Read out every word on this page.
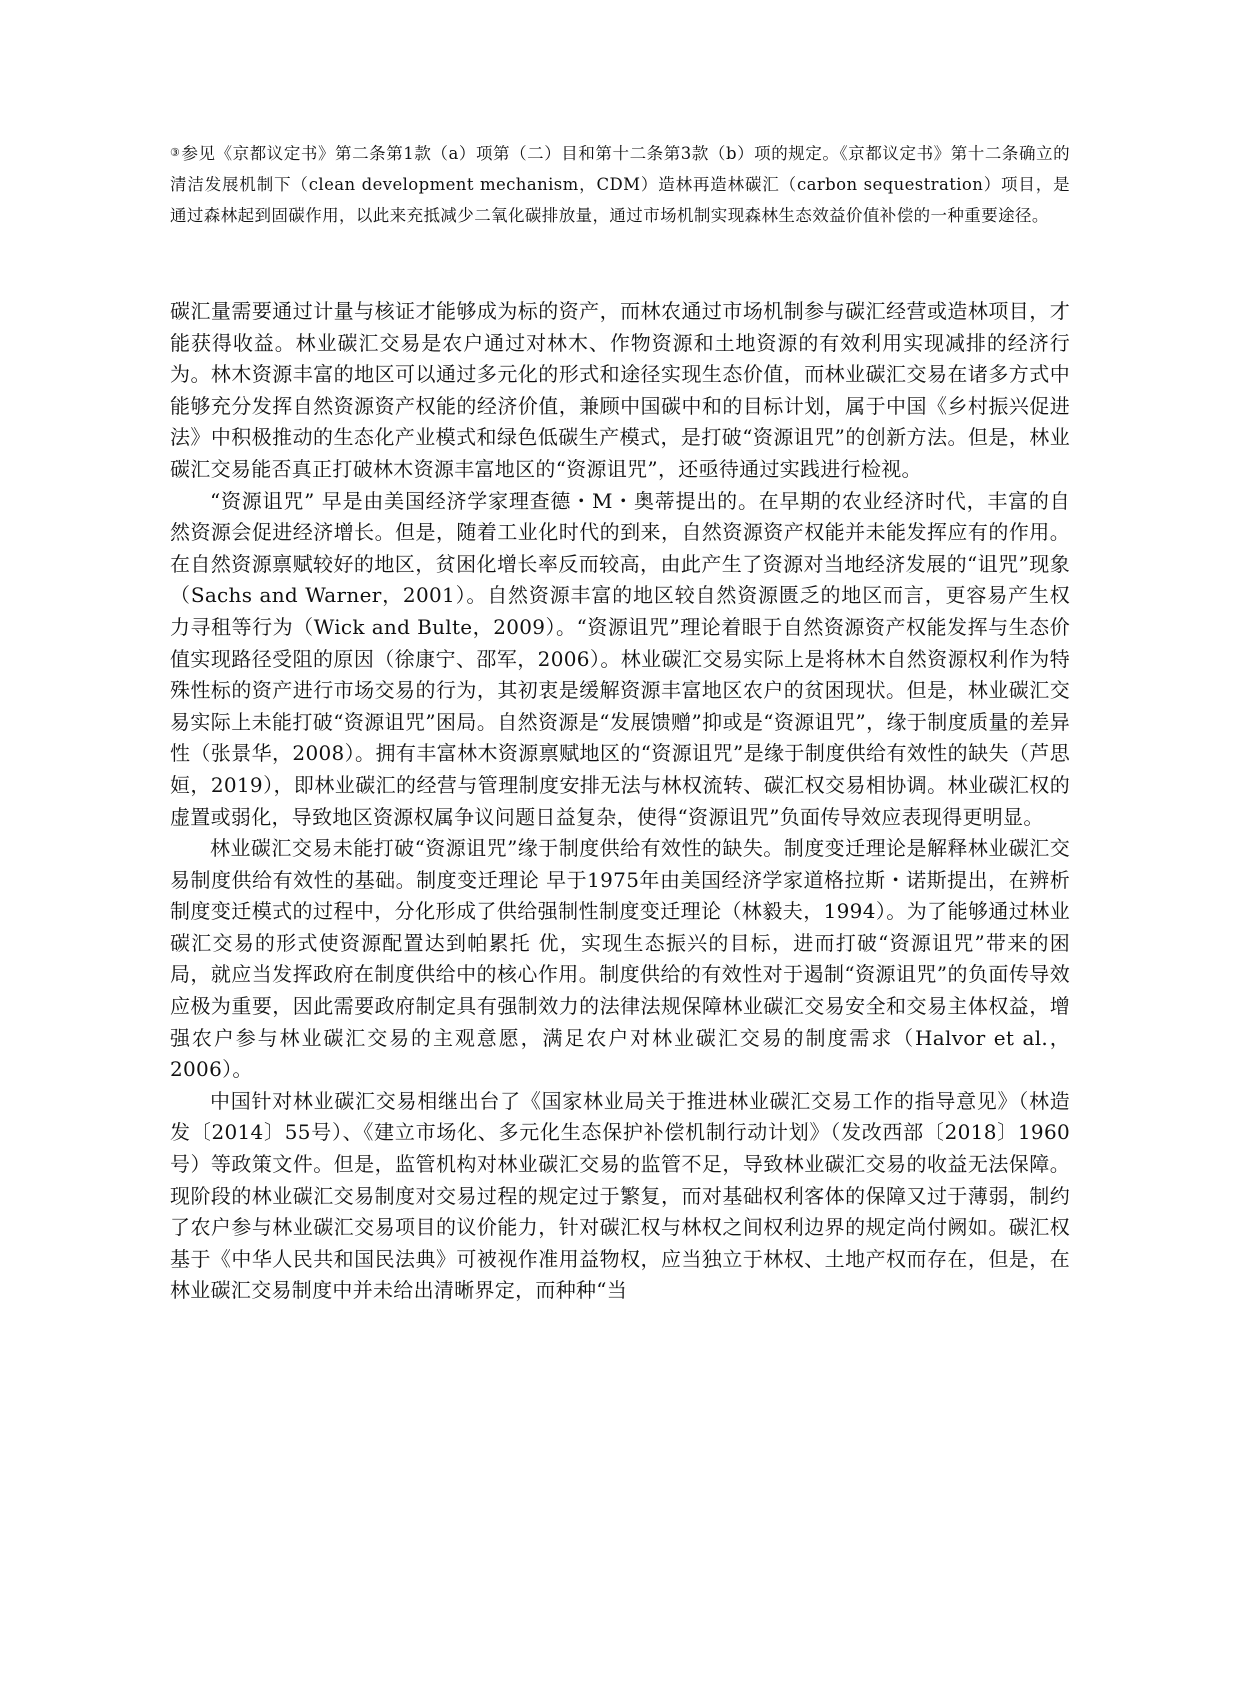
③参见《京都议定书》第二条第1款（a）项第（二）目和第十二条第3款（b）项的规定。《京都议定书》第十二条确立的清洁发展机制下（clean development mechanism，CDM）造林再造林碳汇（carbon sequestration）项目，是通过森林起到固碳作用，以此来充抵减少二氧化碳排放量，通过市场机制实现森林生态效益价值补偿的一种重要途径。

碳汇量需要通过计量与核证才能够成为标的资产，而林农通过市场机制参与碳汇经营或造林项目，才能获得收益。林业碳汇交易是农户通过对林木、作物资源和土地资源的有效利用实现减排的经济行为。林木资源丰富的地区可以通过多元化的形式和途径实现生态价值，而林业碳汇交易在诸多方式中能够充分发挥自然资源资产权能的经济价值，兼顾中国碳中和的目标计划，属于中国《乡村振兴促进法》中积极推动的生态化产业模式和绿色低碳生产模式，是打破“资源诅咒”的创新方法。但是，林业碳汇交易能否真正打破林木资源丰富地区的“资源诅咒”，还亟待通过实践进行检视。

“资源诅咒” 早是由美国经济学家理查德・M・奥蒂提出的。在早期的农业经济时代，丰富的自然资源会促进经济增长。但是，随着工业化时代的到来，自然资源资产权能并未能发挥应有的作用。在自然资源禀赋较好的地区，贫困化增长率反而较高，由此产生了资源对当地经济发展的“诅咒”现象（Sachs and Warner，2001）。自然资源丰富的地区较自然资源匮乏的地区而言，更容易产生权力寻租等行为（Wick and Bulte，2009）。“资源诅咒”理论着眼于自然资源资产权能发挥与生态价值实现路径受阻的原因（徐康宁、邵军，2006）。林业碳汇交易实际上是将林木自然资源权利作为特殊性标的资产进行市场交易的行为，其初衷是缓解资源丰富地区农户的贫困现状。但是，林业碳汇交易实际上未能打破“资源诅咒”困局。自然资源是“发展馈赠”抑或是“资源诅咒”，缘于制度质量的差异性（张景华，2008）。拥有丰富林木资源禀赋地区的“资源诅咒”是缘于制度供给有效性的缺失（芦思姮，2019），即林业碳汇的经营与管理制度安排无法与林权流转、碳汇权交易相协调。林业碳汇权的虚置或弱化，导致地区资源权属争议问题日益复杂，使得“资源诅咒”负面传导效应表现得更明显。

林业碳汇交易未能打破“资源诅咒”缘于制度供给有效性的缺失。制度变迁理论是解释林业碳汇交易制度供给有效性的基础。制度变迁理论 早于1975年由美国经济学家道格拉斯・诺斯提出，在辨析制度变迁模式的过程中，分化形成了供给强制性制度变迁理论（林毅夫，1994）。为了能够通过林业碳汇交易的形式使资源配置达到帕累托 优，实现生态振兴的目标，进而打破“资源诅咒”带来的困局，就应当发挥政府在制度供给中的核心作用。制度供给的有效性对于遏制“资源诅咒”的负面传导效应极为重要，因此需要政府制定具有强制效力的法律法规保障林业碳汇交易安全和交易主体权益，增强农户参与林业碳汇交易的主观意愿，满足农户对林业碳汇交易的制度需求（Halvor et al.， 2006）。

中国针对林业碳汇交易相继出台了《国家林业局关于推进林业碳汇交易工作的指导意见》（林造发〔2014〕55号）、《建立市场化、多元化生态保护补偿机制行动计划》（发改西部〔2018〕1960号）等政策文件。但是，监管机构对林业碳汇交易的监管不足，导致林业碳汇交易的收益无法保障。现阶段的林业碳汇交易制度对交易过程的规定过于繁复，而对基础权利客体的保障又过于薄弱，制约了农户参与林业碳汇交易项目的议价能力，针对碳汇权与林权之间权利边界的规定尚付阙如。碳汇权基于《中华人民共和国民法典》可被视作准用益物权，应当独立于林权、土地产权而存在，但是，在林业碳汇交易制度中并未给出清晰界定，而种种“当
